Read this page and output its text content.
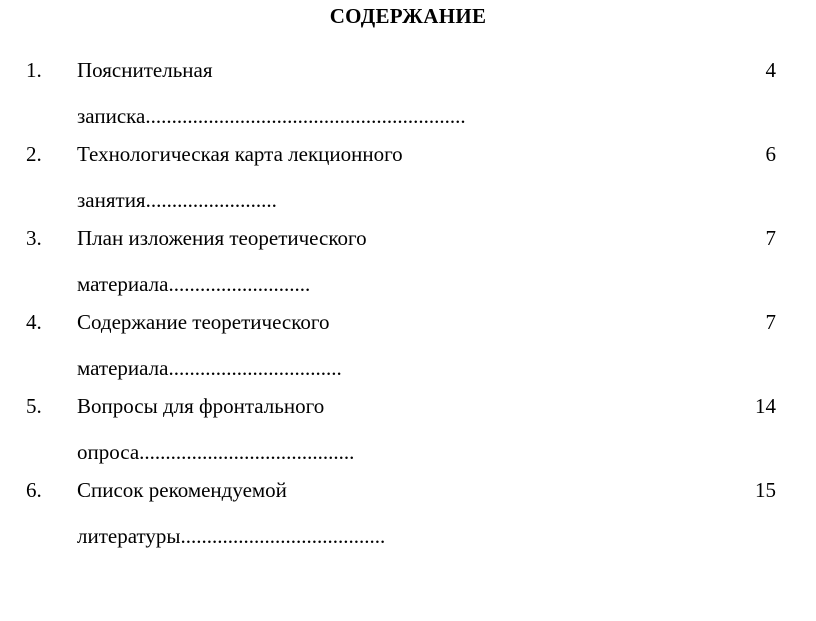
СОДЕРЖАНИЕ
1. Пояснительная
записка.............................................................
4
2. Технологическая карта лекционного
занятия.........................
6
3. План изложения теоретического
материала...........................
7
4. Содержание теоретического
материала.................................
7
5. Вопросы для фронтального
опроса.........................................
14
6. Список рекомендуемой
литературы.......................................
15
